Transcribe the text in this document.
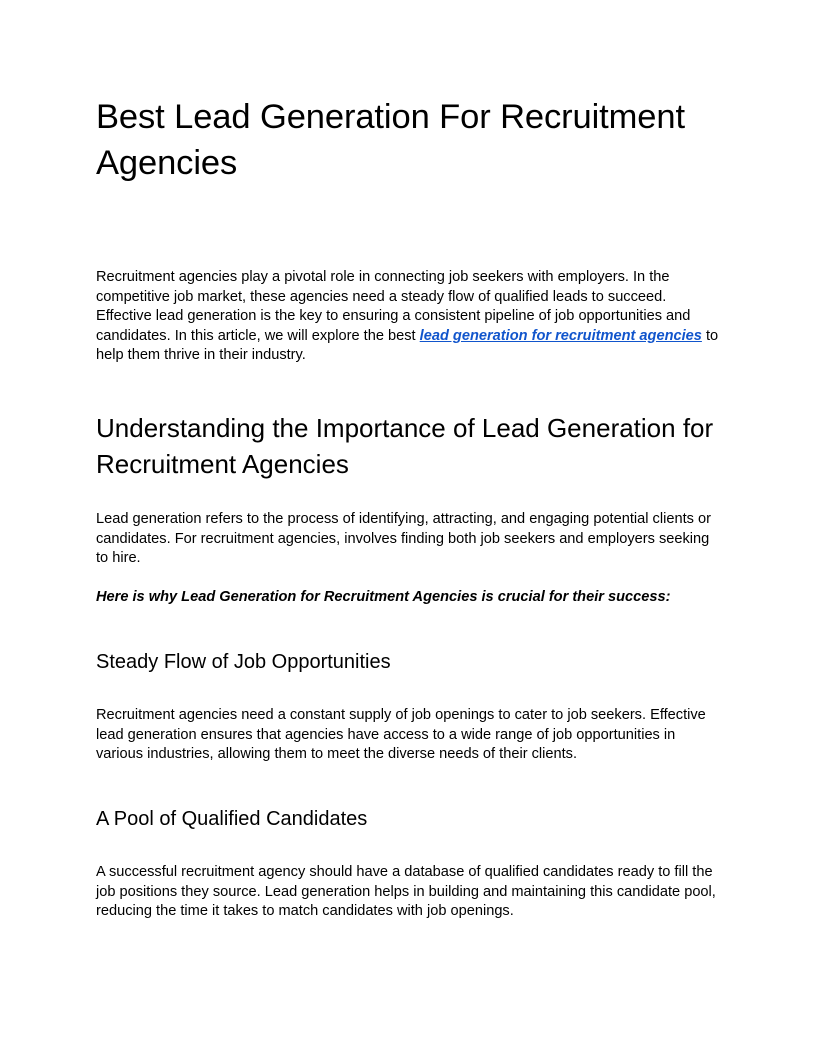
Best Lead Generation For Recruitment Agencies

Recruitment agencies play a pivotal role in connecting job seekers with employers. In the competitive job market, these agencies need a steady flow of qualified leads to succeed. Effective lead generation is the key to ensuring a consistent pipeline of job opportunities and candidates. In this article, we will explore the best lead generation for recruitment agencies to help them thrive in their industry.

Understanding the Importance of Lead Generation for Recruitment Agencies

Lead generation refers to the process of identifying, attracting, and engaging potential clients or candidates. For recruitment agencies, involves finding both job seekers and employers seeking to hire.

Here is why Lead Generation for Recruitment Agencies is crucial for their success:

Steady Flow of Job Opportunities

Recruitment agencies need a constant supply of job openings to cater to job seekers. Effective lead generation ensures that agencies have access to a wide range of job opportunities in various industries, allowing them to meet the diverse needs of their clients.

A Pool of Qualified Candidates

A successful recruitment agency should have a database of qualified candidates ready to fill the job positions they source. Lead generation helps in building and maintaining this candidate pool, reducing the time it takes to match candidates with job openings.
